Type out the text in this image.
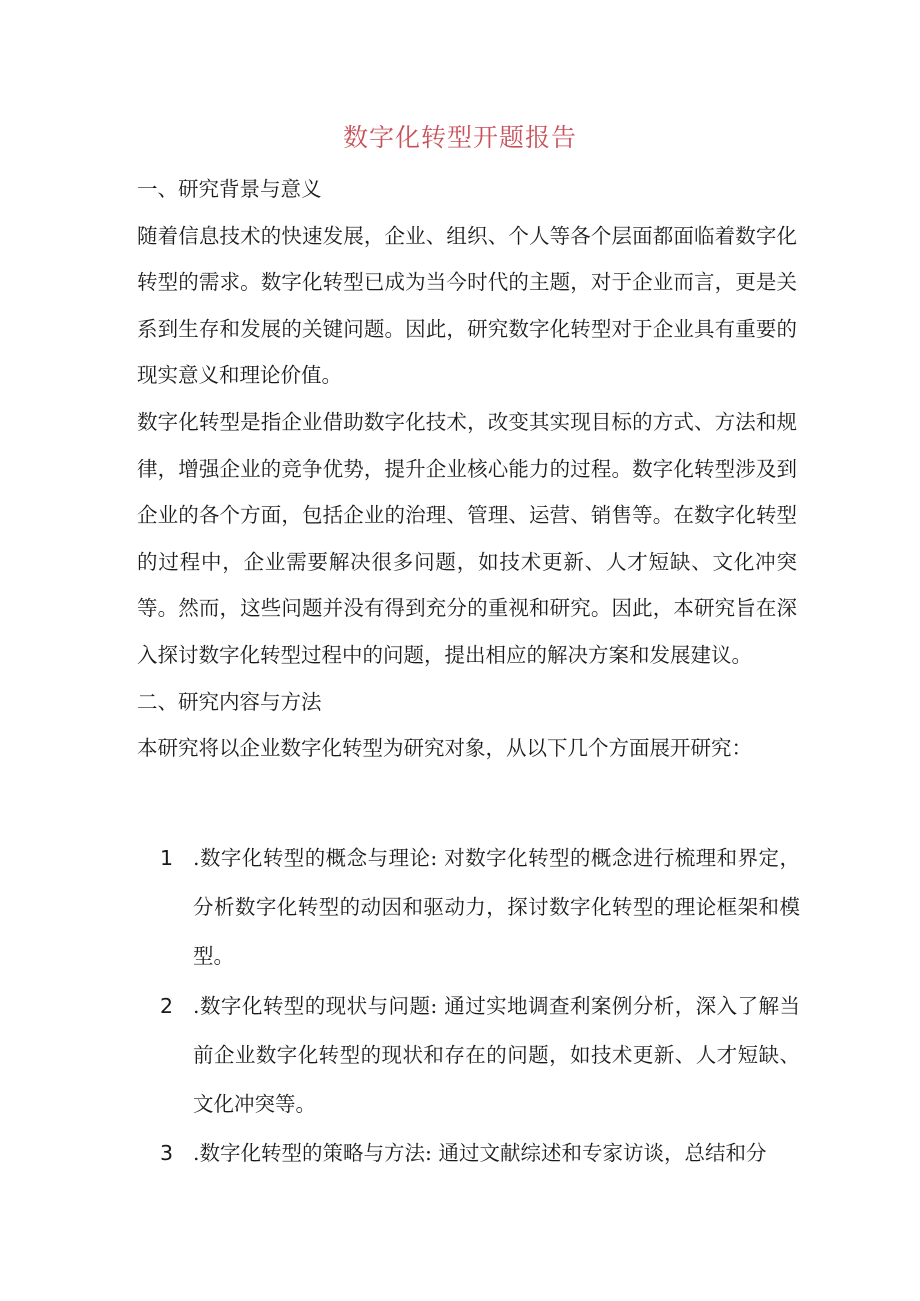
数字化转型开题报告

一、研究背景与意义

随着信息技术的快速发展，企业、组织、个人等各个层面都面临着数字化转型的需求。数字化转型已成为当今时代的主题，对于企业而言，更是关系到生存和发展的关键问题。因此，研究数字化转型对于企业具有重要的现实意义和理论价值。

数字化转型是指企业借助数字化技术，改变其实现目标的方式、方法和规律，增强企业的竞争优势，提升企业核心能力的过程。数字化转型涉及到企业的各个方面，包括企业的治理、管理、运营、销售等。在数字化转型的过程中，企业需要解决很多问题，如技术更新、人才短缺、文化冲突等。然而，这些问题并没有得到充分的重视和研究。因此，本研究旨在深入探讨数字化转型过程中的问题，提出相应的解决方案和发展建议。

二、研究内容与方法

本研究将以企业数字化转型为研究对象，从以下几个方面展开研究：

1 .数字化转型的概念与理论: 对数字化转型的概念进行梳理和界定，分析数字化转型的动因和驱动力，探讨数字化转型的理论框架和模型。
2 .数字化转型的现状与问题: 通过实地调查利案例分析，深入了解当前企业数字化转型的现状和存在的问题，如技术更新、人才短缺、文化冲突等。
3 .数字化转型的策略与方法: 通过文献综述和专家访谈，总结和分
